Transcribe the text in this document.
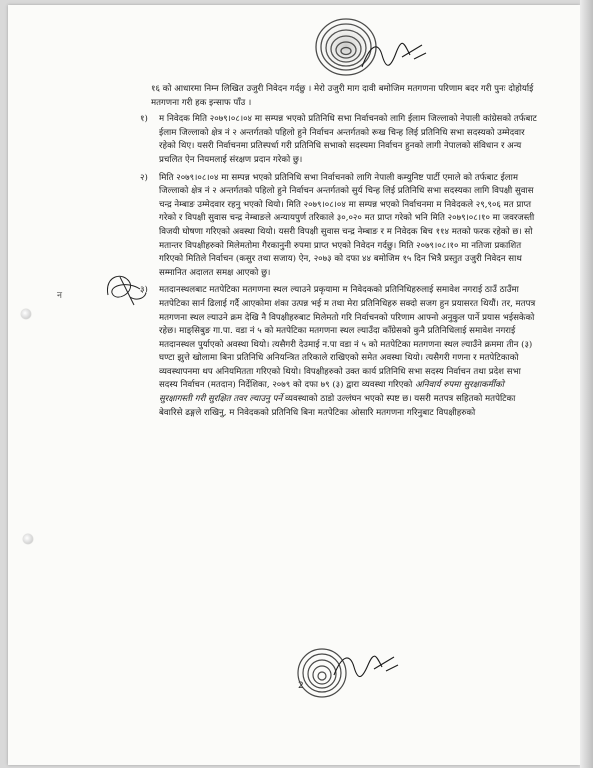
१६ को आधारमा निम्न लिखित उजुरी निवेदन गर्दछु । मेरो उजुरी माग दावी बमोजिम मतगणना परिणाम बदर गरी पुनः दोहोर्याई मतगणना गरी हक इन्साफ पाँउ ।

१) म निवेदक मिति २०७९।०८।०४ मा सम्पन्न भएको प्रतिनिधि सभा निर्वाचनको लागि ईलाम जिल्लाको नेपाली कांग्रेसको तर्फबाट ईलाम जिल्लाको क्षेत्र नं २ अन्तर्गतको पहिलो हुने निर्वाचन अन्तर्गतको रूख चिन्ह लिई प्रतिनिधि सभा सदस्यको उम्मेदवार रहेको थिए। यसरी निर्वाचनमा प्रतिस्पर्धा गरी प्रतिनिधि सभाको सदस्यमा निर्वाचन हुनको लागी नेपालको संविधान र अन्य प्रचलित ऐन नियमलाई संरक्षण प्रदान गरेको छु।
२) मिति २०७९।०८।०४ मा सम्पन्न भएको प्रतिनिधि सभा निर्वाचनको लागि नेपाली कम्युनिष्ट पार्टी एमाले को तर्फबाट ईलाम जिल्लाको क्षेत्र नं २ अन्तर्गतको पहिलो हुने निर्वाचन अन्तर्गतको सुर्य चिन्ह लिई प्रतिनिधि सभा सदस्यका लागि विपक्षी सुवास चन्द्र नेम्बाङ उम्मेदवार रहनु भएको थियो। मिति २०७९।०८।०४ मा सम्पन्न भएको निर्वाचनमा म निवेदकले २९,९०६ मत प्राप्त गरेको र विपक्षी सुवास चन्द्र नेम्बाङले अन्यायपुर्ण तरिकाले ३०,०२० मत प्राप्त गरेको भनि मिति २०७९।०८।१० मा जवरजस्ती विजयी घोषणा गरिएको अवस्था थियो। यसरी विपक्षी सुवास चन्द्र नेम्बाङ र म निवेदक बिच ११४ मतको फरक रहेको छ। सो मतान्तर विपक्षीहरुको मिलेमतोमा गैरकानुनी रुपमा प्राप्त भएको निवेदन गर्दछु। मिति २०७९।०८।१० मा नतिजा प्रकाशित गरिएको मितिले निर्वाचन (कसुर तथा सजाय) ऐन, २०७३ को दफा ४४ बमोजिम १५ दिन भित्रै प्रस्तुत उजुरी निवेदन साथ सम्मानित अदालत समक्ष आएको छु।
३) मतदानस्थलबाट मतपेटिका मतगणना स्थल ल्याउने प्रकृयामा म निवेदकको प्रतिनिधिहरुलाई समावेश नगराई ठाउँ ठाउँमा मतपेटिका सार्न ढिलाई गर्दै आएकोमा शंका उत्पन्न भई म तथा मेरा प्रतिनिधिहरु सक्दो सजग हुन प्रयासरत थियौं। तर, मतपत्र मतगणना स्थल ल्याउने क्रम देखि नै विपक्षीहरुबाट मिलेमतो गरि निर्वाचनको परिणाम आफ्नो अनुकुल पार्ने प्रयास भईसकेको रहेछ। माङ्सिबुङ गा.पा. वडा नं ५ को मतपेटिका मतगणना स्थल ल्याउँदा काँग्रेसको कुनै प्रतिनिधिलाई समावेश नगराई मतदानस्थल पुर्याएको अवस्था थियो। त्यसैगरी देउमाई न.पा वडा नं ५ को मतपेटिका मतगणना स्थल ल्याउँने क्रममा तीन (३) घण्टा झुत्ते खोलामा बिना प्रतिनिधि अनियन्त्रित तरिकाले राखिएको समेत अवस्था थियो। त्यसैगरी गणना र मतपेटिकाको व्यवस्थापनमा थप अनियमितता गरिएको थियो। विपक्षीहरुको उक्त कार्य प्रतिनिधि सभा सदस्य निर्वाचन तथा प्रदेश सभा सदस्य निर्वाचन (मतदान) निर्देशिका, २०७९ को दफा ७९ (३) द्वारा व्यवस्था गरिएको अनिवार्य रुपमा सुरक्षाकर्मीको सुरक्षागस्ती गरी सुरक्षित तवर ल्याउनु पर्ने व्यवस्थाको ठाडो उल्लंघन भएको स्पष्ट छ। यसरी मतपत्र सहितको मतपेटिका बेवारिसे ढङ्गले राखिनु, म निवेदकको प्रतिनिधि बिना मतपेटिका ओसारि मतगणना गरिनुबाट विपक्षीहरुको
2
न
